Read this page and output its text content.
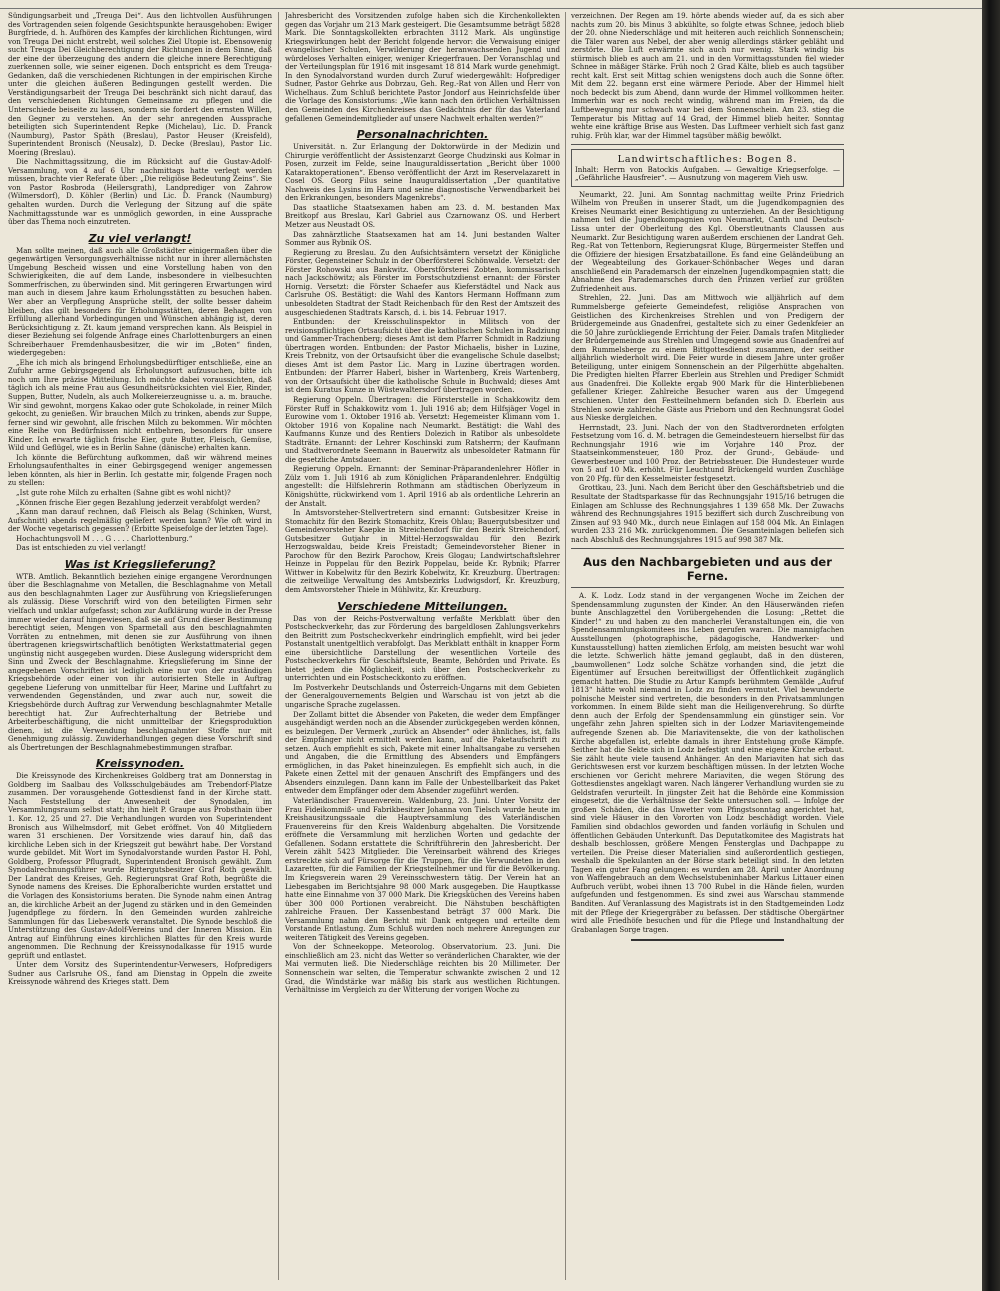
Sündigungsarbeit und „Treuga Dei“. Aus den lichtvollen Ausführungen des Vortragenden seien folgende Gesichtspunkte herausgehoben: Ewiger Burgfriede, d. h. Aufhören des Kampfes der kirchlichen Richtungen, wird von Treuga Dei nicht erstrebt, weil solches Ziel Utopie ist. Ebensowenig sucht Treuga Dei Gleichberechtigung der Richtungen in dem Sinne, daß der eine der überzeugung des andern die gleiche innere Berechtigung zuerkennen solle, wie seiner eigenen. Doch entspricht es dem Treuga-Gedanken, daß die verschiedenen Richtungen in der empirischen Kirche unter die gleichen äußeren Bedingungen gestellt werden. Die Verständigungsarbeit der Treuga Dei beschränkt sich nicht darauf, das den verschiedenen Richtungen Gemeinsame zu pflegen und die Unterschiede beiseite zu lassen, sondern sie fordert den ernsten Willen, den Gegner zu verstehen. An der sehr anregenden Aussprache beteiligten sich Superintendent Repke (Michelau), Lic. D. Franck (Naumburg), Pastor Späth (Breslau), Pastor Heuser (Kreisfeld), Superintendent Bronisch (Neusalz), D. Decke (Breslau), Pastor Lic. Moering (Breslau).

Die Nachmittagssitzung, die im Rücksicht auf die Gustav-Adolf-Versammlung, von 4 auf 6 Uhr nachmittags hatte verlegt werden müssen, brachte vier Referate über: „Die religiöse Bedeutung Zeins“. Sie von Pastor Rosbroda (Heilersgrath), Landprediger von Zahrow (Wilmersdorf), D. Köhler (Berlin) und Lic. D. Franck (Naumburg) gehalten wurden. Durch die Verlegung der Sitzung auf die späte Nachmittagsstunde war es unmöglich geworden, in eine Aussprache über das Thema noch einzutreten.

Zu viel verlangt!

Man sollte meinen, daß auch alle Großstädter einigermaßen über die gegenwärtigen Versorgungsverhältnisse nicht nur in ihrer allernächsten Umgebung Bescheid wissen und eine Vorstellung haben von den Schwierigkeiten, die auf dem Lande, insbesondere in vielbesuchten Sommerfrischen, zu überwinden sind. Mit geringeren Erwartungen wird man auch in diesem Jahre kaum Erholungsstätten zu besuchen haben. Wer aber an Verpflegung Ansprüche stellt, der sollte besser daheim bleiben, das gilt besonders für Erholungsstätten, deren Behagen von Erfüllung allerhand Vorbedingungen und Wünschen abhängig ist, deren Berücksichtigung z. Zt. kaum jemand versprechen kann. Als Beispiel in dieser Beziehung sei folgende Anfrage eines Charlottenburgers an einen Schreiberhauer Fremdenhausbesitzer, die wir im „Boten“ finden, wiedergegeben:

„Ehe ich mich als bringend Erholungsbedürftiger entschließe, eine an Zufuhr arme Gebirgsgegend als Erholungsort aufzusuchen, bitte ich noch um Ihre präzise Mitteilung. Ich möchte dabei voraussichten, daß täglich ich als meine Frau aus Gesundheitsrücksichten viel Eier, Rinder, Suppen, Butter, Nudeln, als auch Molkereierzeugnisse u. a. m. brauche. Wir sind gewohnt, morgens Kakao oder gute Schokolade, in reiner Milch gekocht, zu genießen. Wir brauchen Milch zu trinken, abends zur Suppe, ferner sind wir gewohnt, alle frischen Milch zu bekommen. Wir möchten eine Reihe von Bedürfnissen nicht entbehren, besonders für unsere Kinder. Ich erwarte täglich frische Eier, gute Butter, Fleisch, Gemüse, Wild und Geflügel, wie es in Berlin Sahne (dänische) erhalten kann.

Ich könnte die Befürchtung aufkommen, daß wir während meines Erholungsaufenthaltes in einer Gebirgsgegend weniger angemessen leben könnten, als hier in Berlin. Ich gestatte mir, folgende Fragen noch zu stellen:

„Ist gute rohe Milch zu erhalten (Sahne gibt es wohl nicht)?

„Können frische Eier gegen Bezahlung jederzeit verabfolgt werden?

„Kann man darauf rechnen, daß Fleisch als Belag (Schinken, Wurst, Aufschnitt) abends regelmäßig geliefert werden kann? Wie oft wird in der Woche vegetarisch gegessen? (Erbitte Speisefolge der letzten Tage).

Hochachtungsvoll M . . . G . . . . Charlottenburg.“

Das ist entschieden zu viel verlangt!

Was ist Kriegslieferung?

WTB. Amtlich. Bekanntlich beziehen einige ergangene Verordnungen über die Beschlagnahme von Metallen, die Beschlagnahme von Metall aus den beschlagnahmten Lager zur Ausführung von Kriegslieferungen als zulässig. Diese Vorschrift wird von den beteiligten Firmen sehr vielfach und unklar aufgefasst; schon zur Aufklärung wurde in der Presse immer wieder darauf hingewiesen, daß sie auf Grund dieser Bestimmung berechtigt seien, Mengen von Sparmetall aus den beschlagnahmten Vorräten zu entnehmen, mit denen sie zur Ausführung von ihnen übertragenen kriegswirtschaftlich benötigten Werkstattmaterial gegen ungünstig nicht ausgegeben wurden. Diese Auslegung widerspricht dem Sinn und Zweck der Beschlagnahme. Kriegslieferung im Sinne der angegebenen Vorschriften ist lediglich eine nur von der zuständigen Kriegsbehörde oder einer von ihr autorisierten Stelle in Auftrag gegebene Lieferung von unmittelbar für Heer, Marine und Luftfahrt zu verwendenden Gegenständen, und zwar auch nur, soweit die Kriegsbehörde durch Auftrag zur Verwendung beschlagnahmter Metalle berechtigt hat. Zur Aufrechterhaltung der Betriebe und Arbeiterbeschäftigung, die nicht unmittelbar der Kriegsproduktion dienen, ist die Verwendung beschlagnahmter Stoffe nur mit Genehmigung zulässig. Zuwiderhandlungen gegen diese Vorschrift sind als Übertretungen der Beschlagnahmebestimmungen strafbar.

Kreissynoden.

Die Kreissynode des Kirchenkreises Goldberg trat am Donnerstag in Goldberg im Saalbau des Volksschulgebäudes am Trebendorf-Platze zusammen. Der vorausgehende Gottesdienst fand in der Kirche statt. Nach Feststellung der Anwesenheit der Synodalen, im Versammlungsraum selbst statt; ihn hielt P. Graupe aus Probsthain über 1. Kor. 12, 25 und 27. Die Verhandlungen wurden von Superintendent Bronisch aus Wilhelmsdorf, mit Gebet eröffnet. Von 40 Mitgliedern waren 31 erschienen. Der Vorsitzende wies darauf hin, daß das kirchliche Leben sich in der Kriegszeit gut bewährt habe. Der Vorstand wurde gebildet. Mit Wort im Synodalvorstande wurden Pastor H. Pohl, Goldberg, Professor Pflugradt, Superintendent Bronisch gewählt. Zum Synodalrechnungsführer wurde Rittergutsbesitzer Graf Roth gewählt. Der Landrat des Kreises, Geh. Regierungsrat Graf Roth, begrüßte die Synode namens des Kreises. Die Ephoralberichte wurden erstattet und die Vorlagen des Konsistoriums beraten. Die Synode nahm einen Antrag an, die kirchliche Arbeit an der Jugend zu stärken und in den Gemeinden Jugendpflege zu fördern. In den Gemeinden wurden zahlreiche Sammlungen für das Liebeswerk veranstaltet. Die Synode beschloß die Unterstützung des Gustav-Adolf-Vereins und der Inneren Mission. Ein Antrag auf Einführung eines kirchlichen Blattes für den Kreis wurde angenommen. Die Rechnung der Kreissynodalkasse für 1915 wurde geprüft und entlastet.

Unter dem Vorsitz des Superintendentur-Verwesers, Hofpredigers Sudner aus Carlsruhe OS., fand am Dienstag in Oppeln die zweite Kreissynode während des Krieges statt. Dem

Jahresbericht des Vorsitzenden zufolge haben sich die Kirchenkollekten gegen das Vorjahr um 213 Mark gesteigert. Die Gesamtsumme beträgt 5828 Mark. Die Sonntagskollekten erbrachten 3112 Mark. Als ungünstige Kriegswirkungen hebt der Bericht folgende hervor: die Verwaisung einiger evangelischer Schulen, Verwilderung der heranwachsenden Jugend und würdeloses Verhalten einiger, weniger Kriegerfrauen. Der Voranschlag und der Verteilungsplan für 1916 mit insgesamt 18 814 Mark wurde genehmigt. In den Synodalvorstand wurden durch Zuruf wiedergewählt: Hofprediger Sudner, Pastor Gehrke aus Dobrzau, Geh. Reg.-Rat von Allen und Herr von Wichelhaus. Zum Schluß berichtete Pastor Jondorf aus Heinrichsfelde über die Vorlage des Konsistoriums: „Wie kann nach den örtlichen Verhältnissen den Gemeinden des Kirchenkreises das Gedächtnis der für das Vaterland gefallenen Gemeindemitglieder auf unsere Nachwelt erhalten werden?“

Personalnachrichten.

Universität. n. Zur Erlangung der Doktorwürde in der Medizin und Chirurgie veröffentlicht der Assistenzarzt George Chudzinski aus Kolmar in Posen, zurzeit im Felde, seine Inauguraldissertation „Bericht über 1000 Kataraktoperationen“. Ebenso veröffentlicht der Arzt im Reservelazarett in Cosel OS. Georg Filus seine Inauguraldissertation „Der quantitative Nachweis des Lysins im Harn und seine diagnostische Verwendbarkeit bei den Erkrankungen, besonders Magenkrebs“.

Das staatliche Staatsexamen haben am 23. d. M. bestanden Max Breitkopf aus Breslau, Karl Gabriel aus Czarnowanz OS. und Herbert Metzer aus Neustadt OS.

Das zahnärztliche Staatsexamen hat am 14. Juni bestanden Walter Sommer aus Rybnik OS.

Regierung zu Breslau. Zu den Aufsichtsämtern versetzt der Königliche Förster, Gegensteiner Schulz in der Oberförsterei Schönwalde. Versetzt: der Förster Rohowski aus Bankwitz. Oberstförsterei Zobten, kommissarisch nach Jackschöwitz; als Förster im Forstschutzdienst ernannt: der Förster Hornig. Versetzt: die Förster Schaefer aus Kieferstädtel und Nack aus Carlsruhe OS. Bestätigt: die Wahl des Kantors Hermann Hoffmann zum unbesoldeten Stadtrat der Stadt Reichenbach für den Rest der Amtszeit des ausgeschiedenen Stadtrats Karsch, d. i. bis 14. Februar 1917.

Entbunden: der Kreisschulinspektor in Militsch von der revisionspflichtigen Ortsaufsicht über die katholischen Schulen in Radziung und Gammer-Trachenberg; dieses Amt ist dem Pfarrer Schmidt in Radziung übertragen worden. Entbunden: der Pastor Michaelis, bisher in Luzine, Kreis Trebnitz, von der Ortsaufsicht über die evangelische Schule daselbst; dieses Amt ist dem Pastor Lic. Marg in Luzine übertragen worden. Entbunden: der Pfarrer Haberl, bisher in Wartenberg, Kreis Wartenberg, von der Ortsaufsicht über die katholische Schule in Buchwald; dieses Amt ist dem Kuratus Kunze in Wüstewaltersdorf übertragen worden.

Regierung Oppeln. Übertragen: die Försterstelle in Schakkowitz dem Förster Ruff in Schakkowitz vom 1. Juli 1916 ab; dem Hilfsjäger Vogel in Eurowine vom 1. Oktober 1916 ab. Versetzt: Hegemeister Klimann vom 1. Oktober 1916 von Kopaline nach Neumarkt. Bestätigt: die Wahl des Kaufmanns Kunze und des Rentiers Dolezich in Ratibor als unbesoldete Stadträte. Ernannt: der Lehrer Koschinski zum Ratsherrn; der Kaufmann und Stadtverordnete Seemann in Bauerwitz als unbesoldeter Ratmann für die gesetzliche Amtsdauer.

Regierung Oppeln. Ernannt: der Seminar-Präparandenlehrer Höfler in Zülz vom 1. Juli 1916 ab zum Königlichen Präparandenlehrer. Endgültig angestellt: die Hilfslehrerin Rothmann am städtischen Oberlyzeum in Königshütte, rückwirkend vom 1. April 1916 ab als ordentliche Lehrerin an der Anstalt.

In Amtsvorsteher-Stellvertretern sind ernannt: Gutsbesitzer Kreise in Stomachitz für den Bezirk Stomachitz, Kreis Ohlau; Bauergutsbesitzer und Gemeindevorsteher Kaepke in Streichendorf für den Bezirk Streichendorf, Gutsbesitzer Gutjahr in Mittel-Herzogswaldau für den Bezirk Herzogswaldau, beide Kreis Freistadt; Gemeindevorsteher Biener in Parochow für den Bezirk Parochow, Kreis Glogau; Landwirtschaftslehrer Heinze in Poppelau für den Bezirk Poppelau, beide Kr. Rybnik; Pfarrer Wittwer in Kobelwitz für den Bezirk Kobelwitz, Kr. Kreuzburg. Übertragen: die zeitweilige Verwaltung des Amtsbezirks Ludwigsdorf, Kr. Kreuzburg, dem Amtsvorsteher Thiele in Mühlwitz, Kr. Kreuzburg.

Verschiedene Mitteilungen.

Das von der Reichs-Postverwaltung verfaßte Merkblatt über den Postscheckverkehr, das zur Förderung des bargeldlosen Zahlungsverkehrs den Beitritt zum Postscheckverkehr eindringlich empfiehlt, wird bei jeder Postanstalt unentgeltlich verabfolgt. Das Merkblatt enthält in knapper Form eine übersichtliche Darstellung der wesentlichen Vorteile des Postscheckverkehrs für Geschäftsleute, Beamte, Behörden und Private. Es bietet jedem die Möglichkeit, sich über den Postscheckverkehr zu unterrichten und ein Postscheckkonto zu eröffnen.

Im Postverkehr Deutschlands und Österreich-Ungarns mit dem Gebieten der Generalgouvernements Belgien und Warschau ist von jetzt ab die ungarische Sprache zugelassen.

Der Zollamt bittet die Absender von Paketen, die weder dem Empfänger ausgehändigt werden noch an die Absender zurückgegeben werden können, es beizulegen. Der Vermerk „zurück an Absender“ oder ähnliches, ist, falls der Empfänger nicht ermittelt werden kann, auf die Paketaufschrift zu setzen. Auch empfiehlt es sich, Pakete mit einer Inhaltsangabe zu versehen und Angaben, die die Ermittlung des Absenders und Empfängers ermöglichen, in das Paket hineinzulegen. Es empfiehlt sich auch, in die Pakete einen Zettel mit der genauen Anschrift des Empfängers und des Absenders einzulegen. Dann kann im Falle der Unbestellbarkeit das Paket entweder dem Empfänger oder dem Absender zugeführt werden.

Vaterländischer Frauenverein. Waldenburg, 23. Juni. Unter Vorsitz der Frau Fideikommiß- und Fabrikbesitzer Johanna von Tielsch wurde heute im Kreishausitzungssaale die Hauptversammlung des Vaterländischen Frauenvereins für den Kreis Waldenburg abgehalten. Die Vorsitzende eröffnete die Versammlung mit herzlichen Worten und gedachte der Gefallenen. Sodann erstattete die Schriftführerin den Jahresbericht. Der Verein zählt 5423 Mitglieder. Die Vereinsarbeit während des Krieges erstreckte sich auf Fürsorge für die Truppen, für die Verwundeten in den Lazaretten, für die Familien der Kriegsteilnehmer und für die Bevölkerung. Im Kriegsverein waren 29 Vereinsschwestern tätig. Der Verein hat an Liebesgaben im Berichtsjahre 98 000 Mark ausgegeben. Die Hauptkasse hatte eine Einnahme von 37 000 Mark. Die Kriegsküchen des Vereins haben über 300 000 Portionen verabreicht. Die Nähstuben beschäftigten zahlreiche Frauen. Der Kassenbestand beträgt 37 000 Mark. Die Versammlung nahm den Bericht mit Dank entgegen und erteilte dem Vorstande Entlastung. Zum Schluß wurden noch mehrere Anregungen zur weiteren Tätigkeit des Vereins gegeben.

Von der Schneekoppe. Meteorolog. Observatorium. 23. Juni. Die einschließlich am 23. nicht das Wetter so veränderlichen Charakter, wie der Mai vermuten ließ. Die Niederschläge reichten bis 20 Millimeter. Der Sonnenschein war selten, die Temperatur schwankte zwischen 2 und 12 Grad, die Windstärke war mäßig bis stark aus westlichen Richtungen. Verhältnisse im Vergleich zu der Witterung der vorigen Woche zu

verzeichnen. Der Regen am 19. hörte abends wieder auf, da es sich aber nachts zum 20. bis Minus 3 abkühlte, so folgte etwas Schnee, jedoch blieb der 20. ohne Niederschläge und mit heiteren auch reichlich Sonnenschein; die Täler waren aus Nebel, der aber wenig allerdings stärker gebläht und zerstörte. Die Luft erwärmte sich auch nur wenig. Stark windig bis stürmisch blieb es auch am 21. und in den Vormittagsstunden fiel wieder Schnee in mäßiger Stärke. Früh noch 2 Grad Kälte, blieb es auch tagsüber recht kalt. Erst seit Mittag schien wenigstens doch auch die Sonne öfter. Mit dem 22. begann erst eine wärmere Periode. Aber der Himmel hielt noch bedeckt bis zum Abend, dann wurde der Himmel vollkommen heiter. Immerhin war es noch recht windig, während man im Freien, da die Luftbewegung nur schwach war bei dem Sonnenschein. Am 23. stieg die Temperatur bis Mittag auf 14 Grad, der Himmel blieb heiter. Sonntag wehte eine kräftige Brise aus Westen. Das Luftmeer verhielt sich fast ganz ruhig. Früh klar, war der Himmel tagsüber mäßig bewölkt.

Landwirtschaftliches: Bogen 8.

Inhalt: Herrn von Batockis Aufgaben. — Gewaltige Kriegserfolge. — „Gefährliche Hausfreier“. — Ausnutzung von magerem Vieh usw.

Neumarkt, 22. Juni. Am Sonntag nachmittag weilte Prinz Friedrich Wilhelm von Preußen in unserer Stadt, um die Jugendkompagnien des Kreises Neumarkt einer Besichtigung zu unterziehen. An der Besichtigung nahmen teil die Jugendkompagnien von Neumarkt, Canth und Deutsch-Lissa unter der Oberleitung des Kgl. Oberstleutnants Claussen aus Neumarkt. Zur Besichtigung waren außerdem erschienen der Landrat Geh. Reg.-Rat von Tettenborn, Regierungsrat Kluge, Bürgermeister Steffen und die Offiziere der hiesigen Ersatzbataillone. Es fand eine Geländeübung an der Wegeabteilung des Gorkauer-Schönbacher Weges und daran anschließend ein Parademarsch der einzelnen Jugendkompagnien statt; die Abnahme des Parademarsches durch den Prinzen verlief zur größten Zufriedenheit aus.

Strehlen, 22. Juni. Das am Mittwoch wie alljährlich auf dem Rummelsberge gefeierte Gemeindefest, religiöse Ansprachen von Geistlichen des Kirchenkreises Strehlen und von Predigern der Brüdergemeinde aus Gnadenfrei, gestaltete sich zu einer Gedenkfeier an die 50 Jahre zurückliegende Errichtung der Feier. Damals trafen Mitglieder der Brüdergemeinde aus Strehlen und Umgegend sowie aus Gnadenfrei auf dem Rummelsberge zu einem Bittgottesdienst zusammen, der seither alljährlich wiederholt wird. Die Feier wurde in diesem Jahre unter großer Beteiligung, unter einigem Sonnenschein an der Pilgerhütte abgehalten. Die Predigten hielten Pfarrer Eberlein aus Strehlen und Prediger Schmidt aus Gnadenfrei. Die Kollekte ergab 900 Mark für die Hinterbliebenen gefallener Krieger. Zahlreiche Besucher waren aus der Umgegend erschienen. Unter den Festteilnehmern befanden sich D. Eberlein aus Strehlen sowie zahlreiche Gäste aus Prieborn und den Rechnungsrat Godel aus Nieske dergleichen.

Herrnstadt, 23. Juni. Nach der von den Stadtverordneten erfolgten Festsetzung vom 16. d. M. betragen die Gemeindesteuern hierselbst für das Rechnungsjahr 1916 wie im Vorjahre 140 Proz. der Staatseinkommensteuer, 180 Proz. der Grund-, Gebäude- und Gewerbesteuer und 100 Proz. der Betriebssteuer. Die Hundesteuer wurde von 5 auf 10 Mk. erhöht. Für Leuchtund Brückengeld wurden Zuschläge von 20 Pfg. für den Kesselmeister festgesetzt.

Grottkau, 23. Juni. Nach dem Bericht über den Geschäftsbetrieb und die Resultate der Stadtsparkasse für das Rechnungsjahr 1915/16 betrugen die Einlagen am Schlusse des Rechnungsjahres 1 139 658 Mk. Der Zuwachs während des Rechnungsjahres 1915 beziffert sich durch Zuschreibung von Zinsen auf 93 940 Mk., durch neue Einlagen auf 158 004 Mk. An Einlagen wurden 233 216 Mk. zurückgenommen. Die Gesamteinlagen beliefen sich nach Abschluß des Rechnungsjahres 1915 auf 998 387 Mk.

Aus den Nachbargebieten und aus der Ferne.

A. K. Lodz. Lodz stand in der vergangenen Woche im Zeichen der Spendensammlung zugunsten der Kinder. An den Häuserwänden riefen bunte Anschlagzettel den Vorübergehenden die Losung: „Rettet die Kinder!“ zu und haben zu den mancherlei Veranstaltungen ein, die von Spendensammlungskomitees ins Leben gerufen waren. Die mannigfachen Ausstellungen (photographische, pädagogische, Handwerker- und Kunstausstellung) hatten ziemlichen Erfolg, am meisten besucht war wohl die letzte. Schwerlich hätte jemand geglaubt, daß in den düsteren, „baumwollenen“ Lodz solche Schätze vorhanden sind, die jetzt die Eigentümer auf Ersuchen bereitwilligst der Öffentlichkeit zugänglich gemacht hatten. Die Studie zu Artur Kampfs berühmtem Gemälde „Aufruf 1813“ hätte wohl niemand in Lodz zu finden vermutet. Viel bewunderte polnische Meister sind vertreten, die besonders in den Privatsammlungen vorkommen. In einem Bilde sieht man die Heiligenverehrung. So dürfte denn auch der Erfolg der Spendensammlung ein günstiger sein. Vor ungefähr zehn Jahren spielten sich in der Lodzer Mariavitengemeinde aufregende Szenen ab. Die Mariavitensekte, die von der katholischen Kirche abgefallen ist, erlebte damals in ihrer Entstehung große Kämpfe. Seither hat die Sekte sich in Lodz befestigt und eine eigene Kirche erbaut. Sie zählt heute viele tausend Anhänger. An den Mariaviten hat sich das Gerichtswesen erst vor kurzem beschäftigen müssen. In der letzten Woche erschienen vor Gericht mehrere Mariaviten, die wegen Störung des Gottesdienstes angeklagt waren. Nach längerer Verhandlung wurden sie zu Geldstrafen verurteilt. In jüngster Zeit hat die Behörde eine Kommission eingesetzt, die die Verhältnisse der Sekte untersuchen soll. — Infolge der großen Schäden, die das Unwetter vom Pfingstsonntag angerichtet hat, sind viele Häuser in den Vororten von Lodz beschädigt worden. Viele Familien sind obdachlos geworden und fanden vorläufig in Schulen und öffentlichen Gebäuden Unterkunft. Das Deputatkomitee des Magistrats hat deshalb beschlossen, größere Mengen Fensterglas und Dachpappe zu verteilen. Die Preise dieser Materialien sind außerordentlich gestiegen, weshalb die Spekulanten an der Börse stark beteiligt sind. In den letzten Tagen ein guter Fang gelungen: es wurden am 28. April unter Anordnung von Waffengebrauch an dem Wechselstubeninhaber Markus Littauer einen Aufbruch verübt, wobei ihnen 13 700 Rubel in die Hände fielen, wurden aufgefunden und festgenommen. Es sind zwei aus Warschau stammende Banditen. Auf Veranlassung des Magistrats ist in den Stadtgemeinden Lodz mit der Pflege der Kriegergräber zu befassen. Der städtische Obergärtner wird alle Friedhöfe besuchen und für die Pflege und Instandhaltung der Grabanlagen Sorge tragen.
